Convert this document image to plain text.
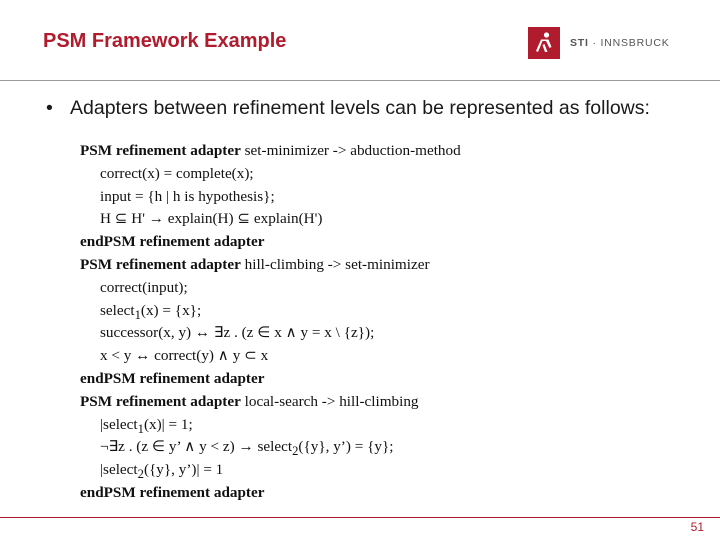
PSM Framework Example	STI · INNSBRUCK
• Adapters between refinement levels can be represented as follows:
PSM refinement adapter set-minimizer -> abduction-method
correct(x) = complete(x);
input = {h | h is hypothesis};
H ⊆ H' → explain(H) ⊆ explain(H')
endPSM refinement adapter
PSM refinement adapter hill-climbing -> set-minimizer
correct(input);
select$_1$(x) = {x};
successor(x, y) ↔ ∃z . (z ∈ x ∧ y = x \ {z});
x < y ↔ correct(y) ∧ y ⊂ x
endPSM refinement adapter
PSM refinement adapter local-search -> hill-climbing
|select$_1$(x)| = 1;
¬∃z . (z ∈ y’ ∧ y < z) → select$_2$({y}, y’) = {y};
|select$_2$({y}, y’)| = 1
endPSM refinement adapter
51
